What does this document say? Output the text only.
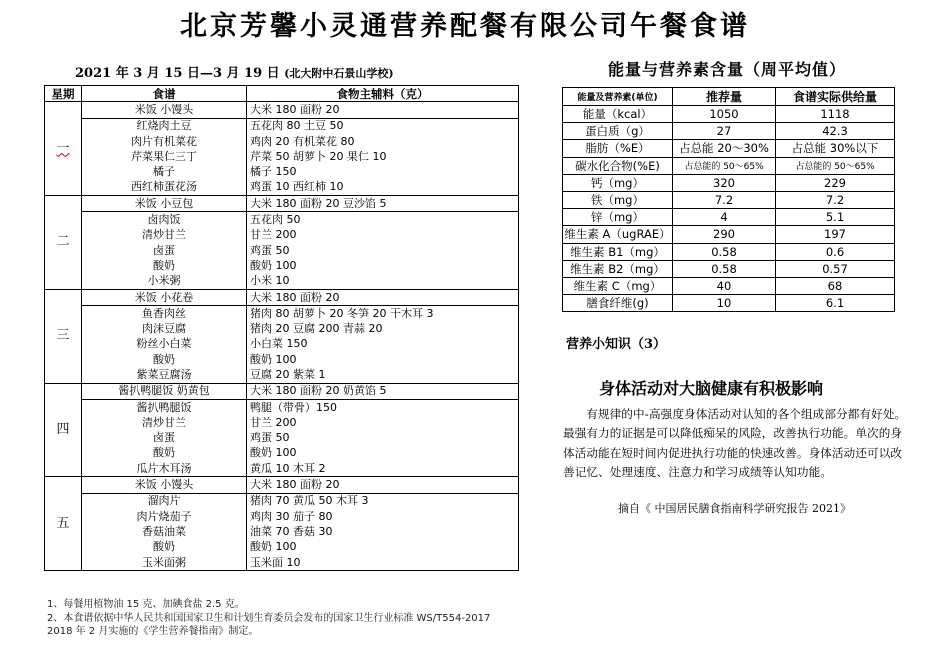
北京芳馨小灵通营养配餐有限公司午餐食谱
2021 年 3 月 15 日—3 月 19 日 (北大附中石景山学校)	能量与营养素含量（周平均值）
星期	食谱	食物主辅料（克）
一	米饭 小馒头	大米 180 面粉 20
	红烧肉土豆	五花肉 80 土豆 50
	肉片有机菜花	鸡肉 20 有机菜花 80
	芹菜果仁三丁	芹菜 50 胡萝卜 20 果仁 10
	橘子	橘子 150
	西红柿蛋花汤	鸡蛋 10 西红柿 10
二	米饭 小豆包	大米 180 面粉 20 豆沙馅 5
	卤肉饭	五花肉 50
	清炒甘兰	甘兰 200
	卤蛋	鸡蛋 50
	酸奶	酸奶 100
	小米粥	小米 10
三	米饭 小花卷	大米 180 面粉 20
	鱼香肉丝	猪肉 80 胡萝卜 20 冬笋 20 干木耳 3
	肉沫豆腐	猪肉 20 豆腐 200 青蒜 20
	粉丝小白菜	小白菜 150
	酸奶	酸奶 100
	紫菜豆腐汤	豆腐 20 紫菜 1
四	酱扒鸭腿饭 奶黄包	大米 180 面粉 20 奶黄馅 5
	酱扒鸭腿饭	鸭腿（带骨）150
	清炒甘兰	甘兰 200
	卤蛋	鸡蛋 50
	酸奶	酸奶 100
	瓜片木耳汤	黄瓜 10 木耳 2
五	米饭 小馒头	大米 180 面粉 20
	溜肉片	猪肉 70 黄瓜 50 木耳 3
	肉片烧茄子	鸡肉 30 茄子 80
	香菇油菜	油菜 70 香菇 30
	酸奶	酸奶 100
	玉米面粥	玉米面 10
能量及营养素(单位)	推荐量	食谱实际供给量
能量（kcal）	1050	1118
蛋白质（g）	27	42.3
脂肪（%E）	占总能 20～30%	占总能 30%以下
碳水化合物(%E)	占总能的 50～65%	占总能的 50～65%
钙（mg）	320	229
铁（mg）	7.2	7.2
锌（mg）	4	5.1
维生素 A（ugRAE）	290	197
维生素 B1（mg）	0.58	0.6
维生素 B2（mg）	0.58	0.57
维生素 C（mg）	40	68
膳食纤维(g)	10	6.1
营养小知识（3）
身体活动对大脑健康有积极影响
有规律的中-高强度身体活动对认知的各个组成部分都有好处。最强有力的证据是可以降低痴呆的风险，改善执行功能。单次的身体活动能在短时间内促进执行功能的快速改善。身体活动还可以改善记忆、处理速度、注意力和学习成绩等认知功能。
摘自《 中国居民膳食指南科学研究报告 2021》
1、每餐用植物油 15 克、加碘食盐 2.5 克。
2、本食谱依据中华人民共和国国家卫生和计划生育委员会发布的国家卫生行业标准 WS/T554-2017
2018 年 2 月实施的《学生营养餐指南》制定。
